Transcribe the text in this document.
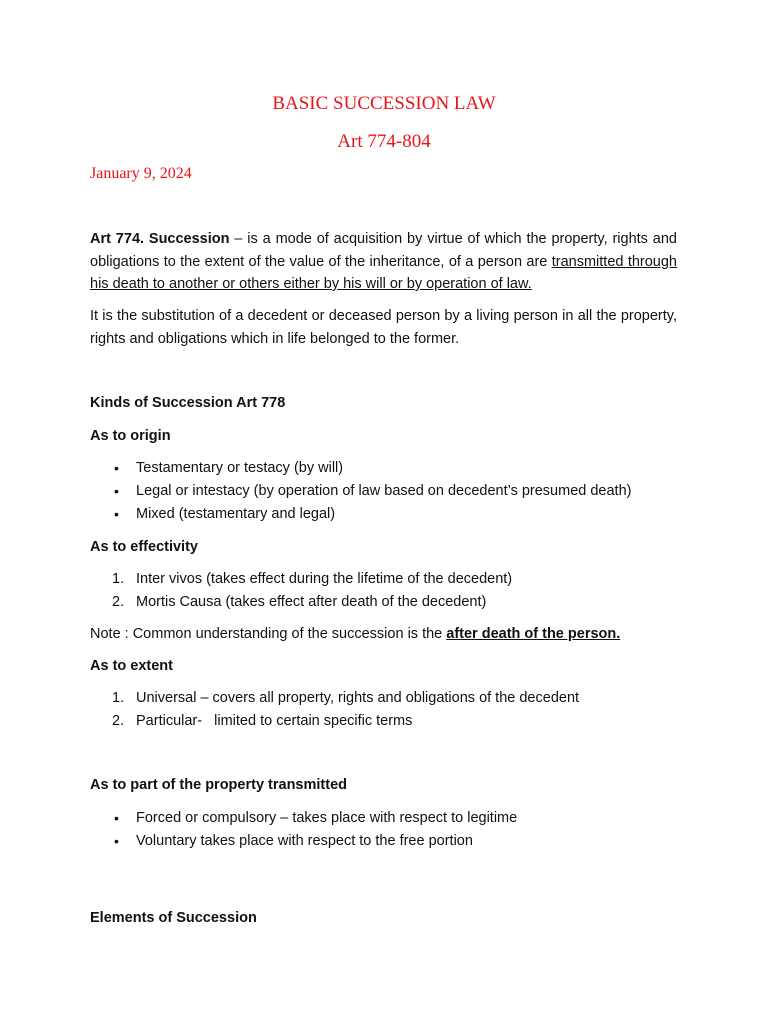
BASIC SUCCESSION LAW
Art 774-804
January 9, 2024
Art 774. Succession – is a mode of acquisition by virtue of which the property, rights and obligations to the extent of the value of the inheritance, of a person are transmitted through his death to another or others either by his will or by operation of law.
It is the substitution of a decedent or deceased person by a living person in all the property, rights and obligations which in life belonged to the former.
Kinds of Succession Art 778
As to origin
• Testamentary or testacy (by will)
• Legal or intestacy (by operation of law based on decedent’s presumed death)
• Mixed (testamentary and legal)
As to effectivity
1. Inter vivos (takes effect during the lifetime of the decedent)
2. Mortis Causa (takes effect after death of the decedent)
Note : Common understanding of the succession is the after death of the person.
As to extent
1. Universal – covers all property, rights and obligations of the decedent
2. Particular-   limited to certain specific terms
As to part of the property transmitted
• Forced or compulsory – takes place with respect to legitime
• Voluntary takes place with respect to the free portion
Elements of Succession
